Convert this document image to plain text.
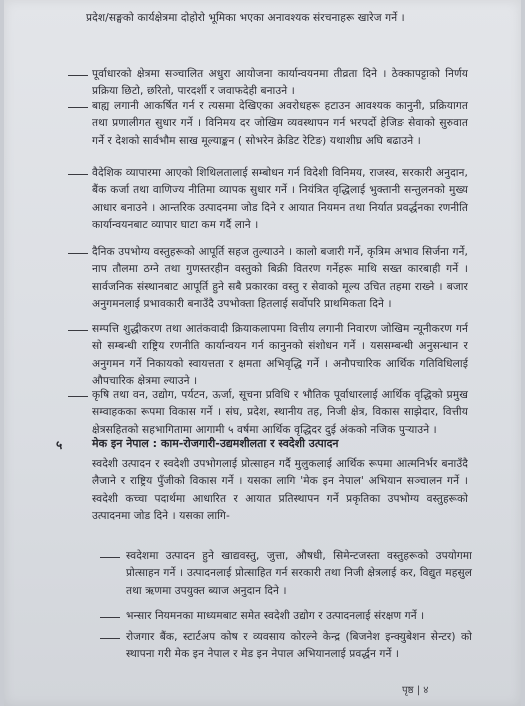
प्रदेश/सङ्घको कार्यक्षेत्रमा दोहोरो भूमिका भएका अनावश्यक संरचनाहरू खारेज गर्ने ।
पूर्वाधारको क्षेत्रमा सञ्चालित अधुरा आयोजना कार्यान्वयनमा तीव्रता दिने । ठेक्कापट्टाको निर्णय प्रक्रिया छिटो, छरितो, पारदर्शी र जवाफदेही बनाउने ।
बाह्य लगानी आकर्षित गर्न र त्यसमा देखिएका अवरोधहरू हटाउन आवश्यक कानुनी, प्रक्रियागत तथा प्रणालीगत सुधार गर्ने । विनिमय दर जोखिम व्यवस्थापन गर्न भरपर्दो हेजिङ सेवाको सुरुवात गर्ने र देशको सार्वभौम साख मूल्याङ्कन ( सोभरेन क्रेडिट रेटिङ) यथाशीघ्र अघि बढाउने ।
वैदेशिक व्यापारमा आएको शिथिलतालाई सम्बोधन गर्न विदेशी विनिमय, राजस्व, सरकारी अनुदान, बैंक कर्जा तथा वाणिज्य नीतिमा व्यापक सुधार गर्ने । नियंत्रित वृद्धिलाई भुक्तानी सन्तुलनको मुख्य आधार बनाउने । आन्तरिक उत्पादनमा जोड दिने र आयात नियमन तथा निर्यात प्रवर्द्धनका रणनीति कार्यान्वयनबाट व्यापार घाटा कम गर्दै लाने ।
दैनिक उपभोग्य वस्तुहरूको आपूर्ति सहज तुल्याउने । कालो बजारी गर्ने, कृत्रिम अभाव सिर्जना गर्ने, नाप तौलमा ठग्ने तथा गुणस्तरहीन वस्तुको बिक्री वितरण गर्नेहरू माथि सख्त कारबाही गर्ने । सार्वजनिक संस्थानबाट आपूर्ति हुने सबै प्रकारका वस्तु र सेवाको मूल्य उचित तहमा राख्ने । बजार अनुगमनलाई प्रभावकारी बनाउँदै उपभोक्ता हितलाई सर्वोपरि प्राथमिकता दिने ।
सम्पत्ति शुद्धीकरण तथा आतंकवादी क्रियाकलापमा वित्तीय लगानी निवारण जोखिम न्यूनीकरण गर्न सो सम्बन्धी राष्ट्रिय रणनीति कार्यान्वयन गर्न कानुनको संशोधन गर्ने । यससम्बन्धी अनुसन्धान र अनुगमन गर्ने निकायको स्वायत्तता र क्षमता अभिवृद्धि गर्ने । अनौपचारिक आर्थिक गतिविधिलाई औपचारिक क्षेत्रमा ल्याउने ।
कृषि तथा वन, उद्योग, पर्यटन, ऊर्जा, सूचना प्रविधि र भौतिक पूर्वाधारलाई आर्थिक वृद्धिको प्रमुख सम्वाहकका रूपमा विकास गर्ने । संघ, प्रदेश, स्थानीय तह, निजी क्षेत्र, विकास साझेदार, वित्तीय क्षेत्रसहितको सहभागितामा आगामी ५ वर्षमा आर्थिक वृद्धिदर दुई अंकको नजिक पुऱ्याउने ।
५	मेक इन नेपाल : काम-रोजगारी-उद्यमशीलता र स्वदेशी उत्पादन
स्वदेशी उत्पादन र स्वदेशी उपभोगलाई प्रोत्साहन गर्दै मुलुकलाई आर्थिक रूपमा आत्मनिर्भर बनाउँदै लैजाने र राष्ट्रिय पुँजीको विकास गर्ने । यसका लागि 'मेक इन नेपाल' अभियान सञ्चालन गर्ने । स्वदेशी कच्चा पदार्थमा आधारित र आयात प्रतिस्थापन गर्ने प्रकृतिका उपभोग्य वस्तुहरूको उत्पादनमा जोड दिने । यसका लागि-
स्वदेशमा उत्पादन हुने खाद्यवस्तु, जुत्ता, औषधी, सिमेन्टजस्ता वस्तुहरूको उपयोगमा प्रोत्साहन गर्ने । उत्पादनलाई प्रोत्साहित गर्न सरकारी तथा निजी क्षेत्रलाई कर, विद्युत महसुल तथा ऋणमा उपयुक्त ब्याज अनुदान दिने ।
भन्सार नियमनका माध्यमबाट समेत स्वदेशी उद्योग र उत्पादनलाई संरक्षण गर्ने ।
रोजगार बैंक, स्टार्टअप कोष र व्यवसाय कोरल्ने केन्द्र (बिजनेश इन्क्युबेशन सेन्टर) को स्थापना गरी मेक इन नेपाल र मेड इन नेपाल अभियानलाई प्रवर्द्धन गर्ने ।
पृष्ठ | ४
